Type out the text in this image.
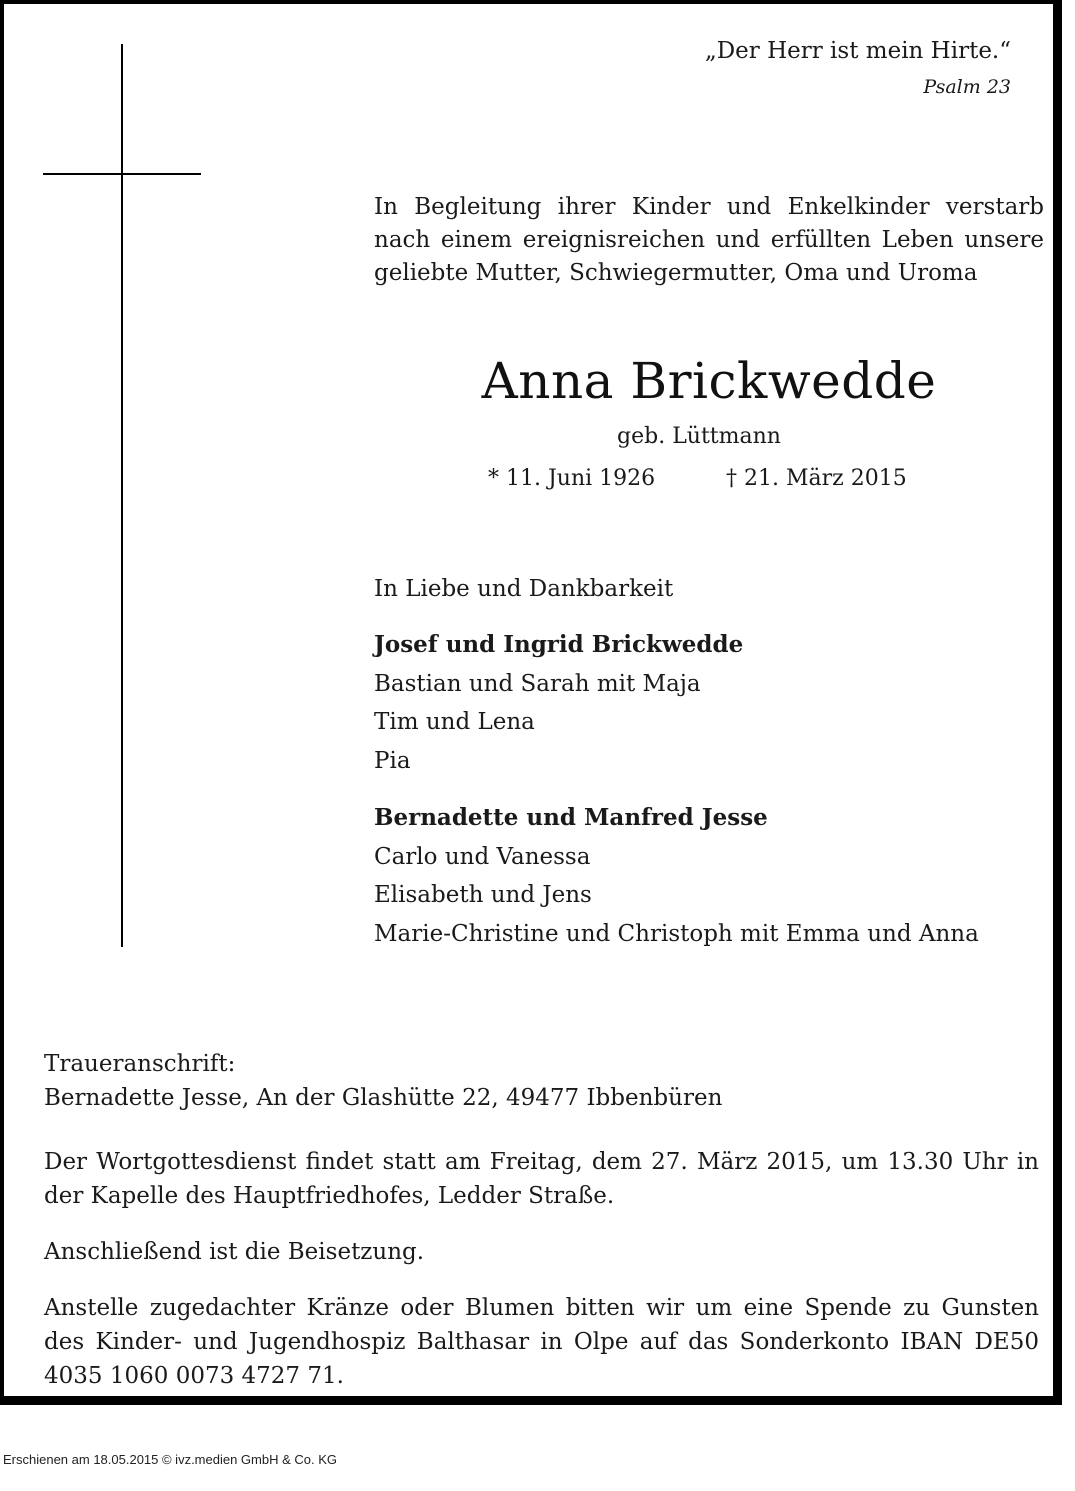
„Der Herr ist mein Hirte.“
Psalm 23
In Begleitung ihrer Kinder und Enkelkinder verstarb nach einem ereignisreichen und erfüllten Leben unsere geliebte Mutter, Schwiegermutter, Oma und Uroma
Anna Brickwedde
geb. Lüttmann
* 11. Juni 1926	† 21. März 2015
In Liebe und Dankbarkeit
Josef und Ingrid Brickwedde
Bastian und Sarah mit Maja
Tim und Lena
Pia
Bernadette und Manfred Jesse
Carlo und Vanessa
Elisabeth und Jens
Marie-Christine und Christoph mit Emma und Anna
Traueranschrift:
Bernadette Jesse, An der Glashütte 22, 49477 Ibbenbüren
Der Wortgottesdienst findet statt am Freitag, dem 27. März 2015, um 13.30 Uhr in der Kapelle des Hauptfriedhofes, Ledder Straße.
Anschließend ist die Beisetzung.
Anstelle zugedachter Kränze oder Blumen bitten wir um eine Spende zu Gunsten des Kinder- und Jugendhospiz Balthasar in Olpe auf das Sonderkonto IBAN DE50 4035 1060 0073 4727 71.
Erschienen am 18.05.2015 © ivz.medien GmbH & Co. KG
